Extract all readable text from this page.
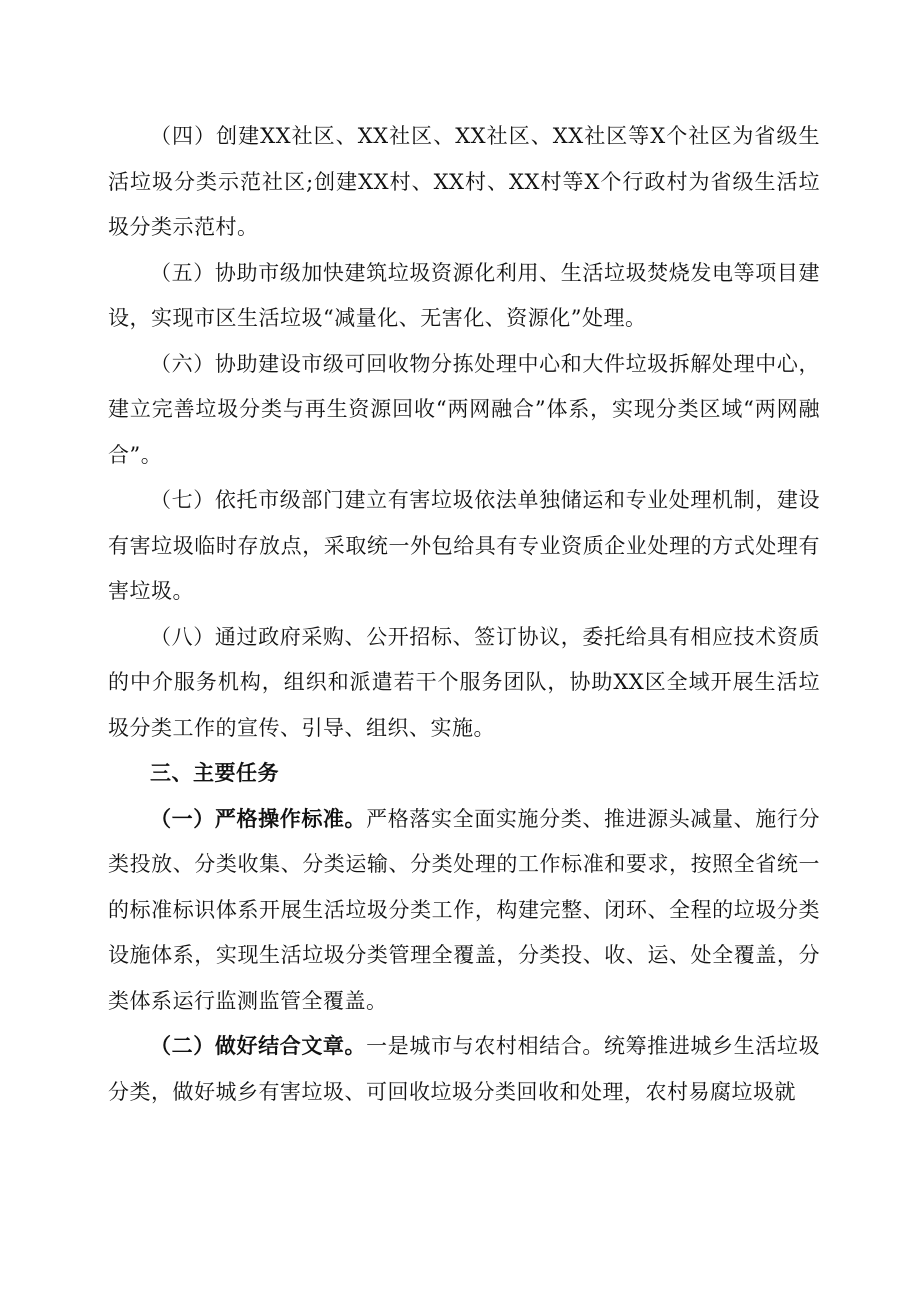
（四）创建XX社区、XX社区、XX社区、XX社区等X个社区为省级生活垃圾分类示范社区;创建XX村、XX村、XX村等X个行政村为省级生活垃圾分类示范村。

（五）协助市级加快建筑垃圾资源化利用、生活垃圾焚烧发电等项目建设，实现市区生活垃圾“减量化、无害化、资源化”处理。

（六）协助建设市级可回收物分拣处理中心和大件垃圾拆解处理中心，建立完善垃圾分类与再生资源回收“两网融合”体系，实现分类区域“两网融合”。

（七）依托市级部门建立有害垃圾依法单独储运和专业处理机制，建设有害垃圾临时存放点，采取统一外包给具有专业资质企业处理的方式处理有害垃圾。

（八）通过政府采购、公开招标、签订协议，委托给具有相应技术资质的中介服务机构，组织和派遣若干个服务团队，协助XX区全域开展生活垃圾分类工作的宣传、引导、组织、实施。

三、主要任务

（一）严格操作标准。严格落实全面实施分类、推进源头减量、施行分类投放、分类收集、分类运输、分类处理的工作标准和要求，按照全省统一的标准标识体系开展生活垃圾分类工作，构建完整、闭环、全程的垃圾分类设施体系，实现生活垃圾分类管理全覆盖，分类投、收、运、处全覆盖，分类体系运行监测监管全覆盖。

（二）做好结合文章。一是城市与农村相结合。统筹推进城乡生活垃圾分类，做好城乡有害垃圾、可回收垃圾分类回收和处理，农村易腐垃圾就
